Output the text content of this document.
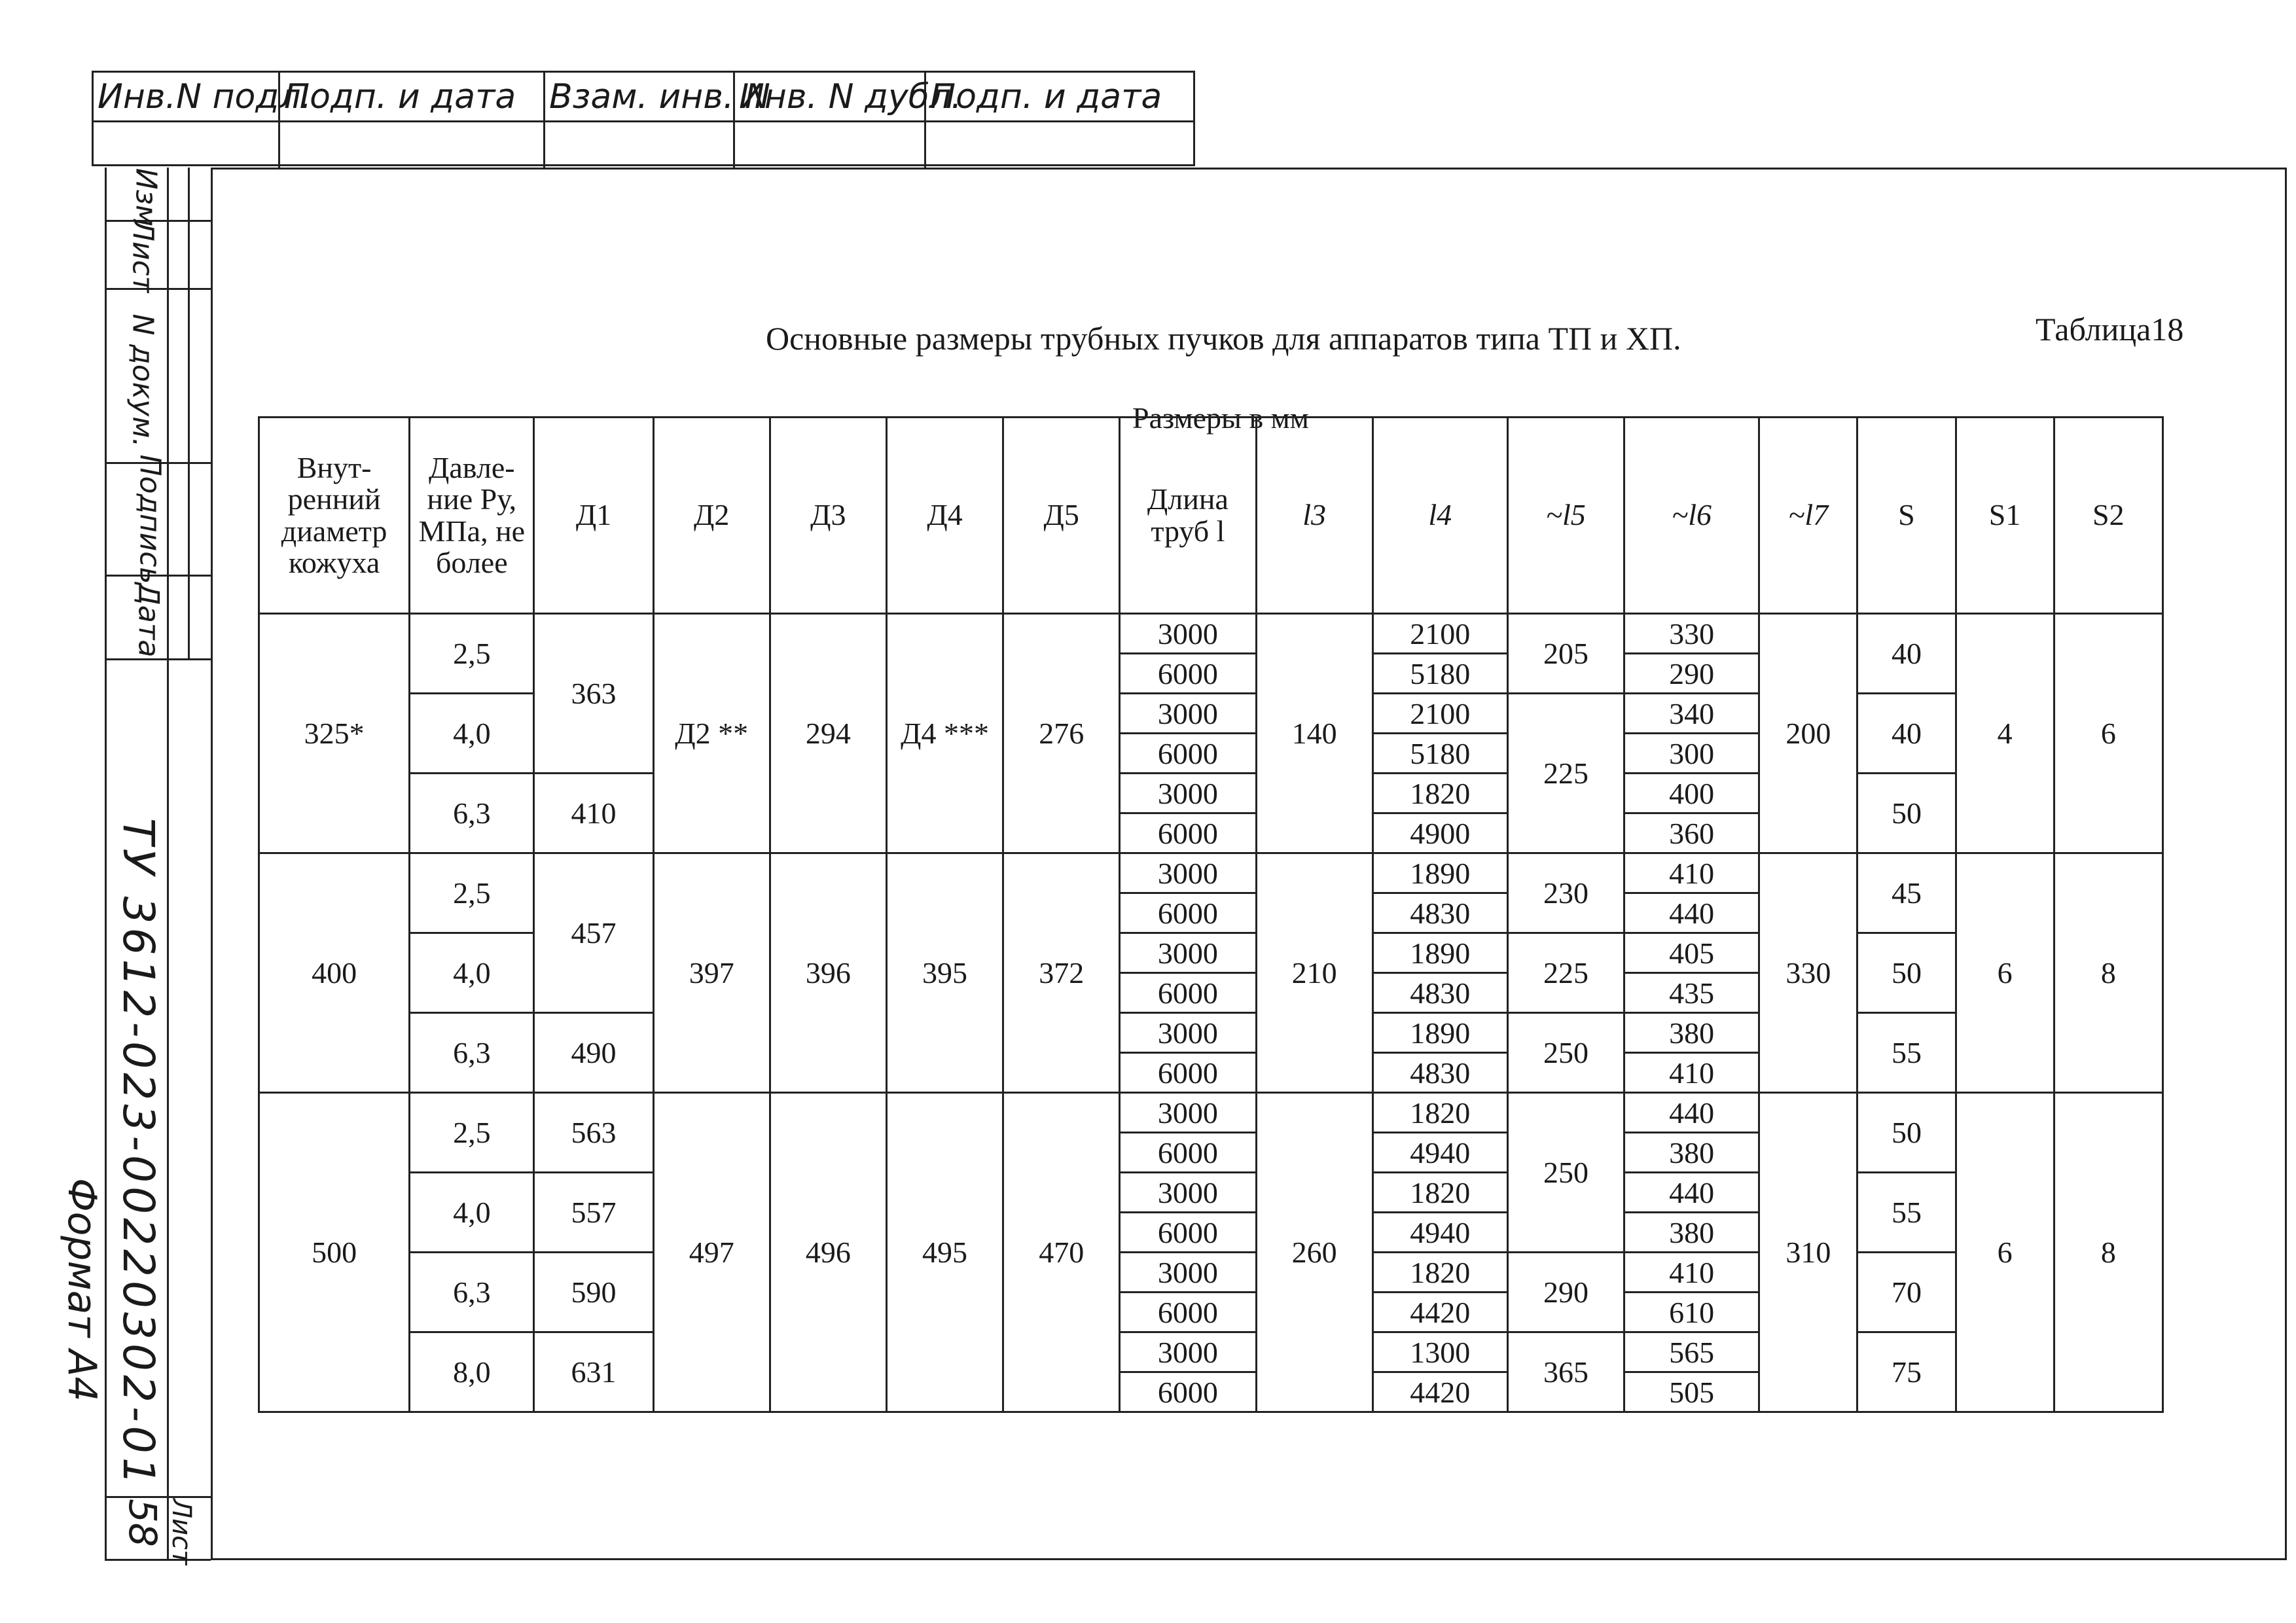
Инв.N подл.
Подп. и дата Взам. инв. N
Инв. N дубл.
Подп. и дата
Изм
Лист
N докум.
Подпись
Дата
ТУ 3612-023-00220302-01
Формат А4
Лист
58
Основные размеры трубных пучков для аппаратов типа ТП и ХП.	Таблица18
Размеры в мм
Внут-ренний диаметр кожуха	Давле-ние Ру, МПа, не более	Д1	Д2	Д3	Д4	Д5	Длина труб l	l3	l4	~l5	~l6	~l7	S	S1	S2
325*	2,5	363	Д2 **	294	Д4 ***	276	3000	140	2100	205	330	200	40	4	6
							6000		5180		290				
	4,0						3000		2100	225	340		40		
							6000		5180		300				
	6,3	410					3000		1820		400		50		
							6000		4900		360				
400	2,5	457	397	396	395	372	3000	210	1890	230	410	330	45	6	8
							6000		4830		440				
	4,0						3000		1890	225	405		50		
							6000		4830		435				
	6,3	490					3000		1890	250	380		55		
							6000		4830		410				
500	2,5	563	497	496	495	470	3000	260	1820	250	440	310	50	6	8
							6000		4940		380				
	4,0	557					3000		1820		440		55		
							6000		4940		380				
	6,3	590					3000		1820	290	410		70		
							6000		4420		610				
	8,0	631					3000		1300	365	565		75		
							6000		4420		505				
